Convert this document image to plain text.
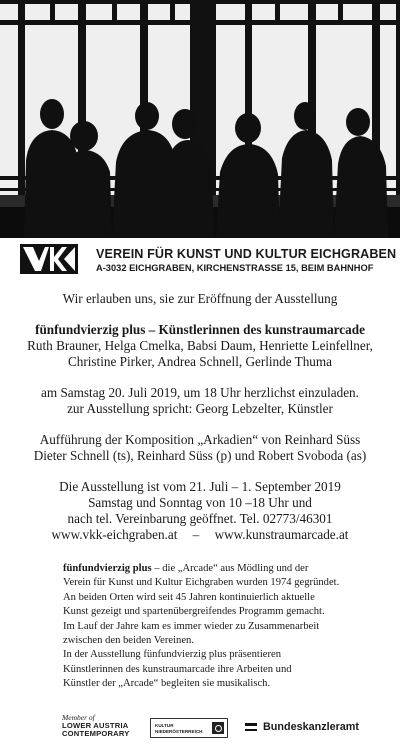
VEREIN FÜR KUNST UND KULTUR EICHGRABEN
A-3032 EICHGRABEN, KIRCHENSTRASSE 15, BEIM BAHNHOF
Wir erlauben uns, sie zur Eröffnung der Ausstellung
fünfundvierzig plus – Künstlerinnen des kunstraumarcade
Ruth Brauner, Helga Cmelka, Babsi Daum, Henriette Leinfellner,
Christine Pirker, Andrea Schnell, Gerlinde Thuma
am Samstag 20. Juli 2019, um 18 Uhr herzlichst einzuladen.
zur Ausstellung spricht: Georg Lebzelter, Künstler
Aufführung der Komposition „Arkadien“ von Reinhard Süss
Dieter Schnell (ts), Reinhard Süss (p) und Robert Svoboda (as)
Die Ausstellung ist vom 21. Juli – 1. September 2019
Samstag und Sonntag von 10 –18 Uhr und
nach tel. Vereinbarung geöffnet. Tel. 02773/46301
www.vkk-eichgraben.at – www.kunstraumarcade.at
fünfundvierzig plus – die „Arcade“ aus Mödling und der
Verein für Kunst und Kultur Eichgraben wurden 1974 gegründet.
An beiden Orten wird seit 45 Jahren kontinuierlich aktuelle
Kunst gezeigt und spartenübergreifendes Programm gemacht.
Im Lauf der Jahre kam es immer wieder zu Zusammenarbeit
zwischen den beiden Vereinen.
In der Ausstellung fünfundvierzig plus präsentieren
Künstlerinnen des kunstraumarcade ihre Arbeiten und
Künstler der „Arcade“ begleiten sie musikalisch.
Member of
LOWER AUSTRIA
CONTEMPORARY
KULTUR
NIEDERÖSTERREICH	Bundeskanzleramt
